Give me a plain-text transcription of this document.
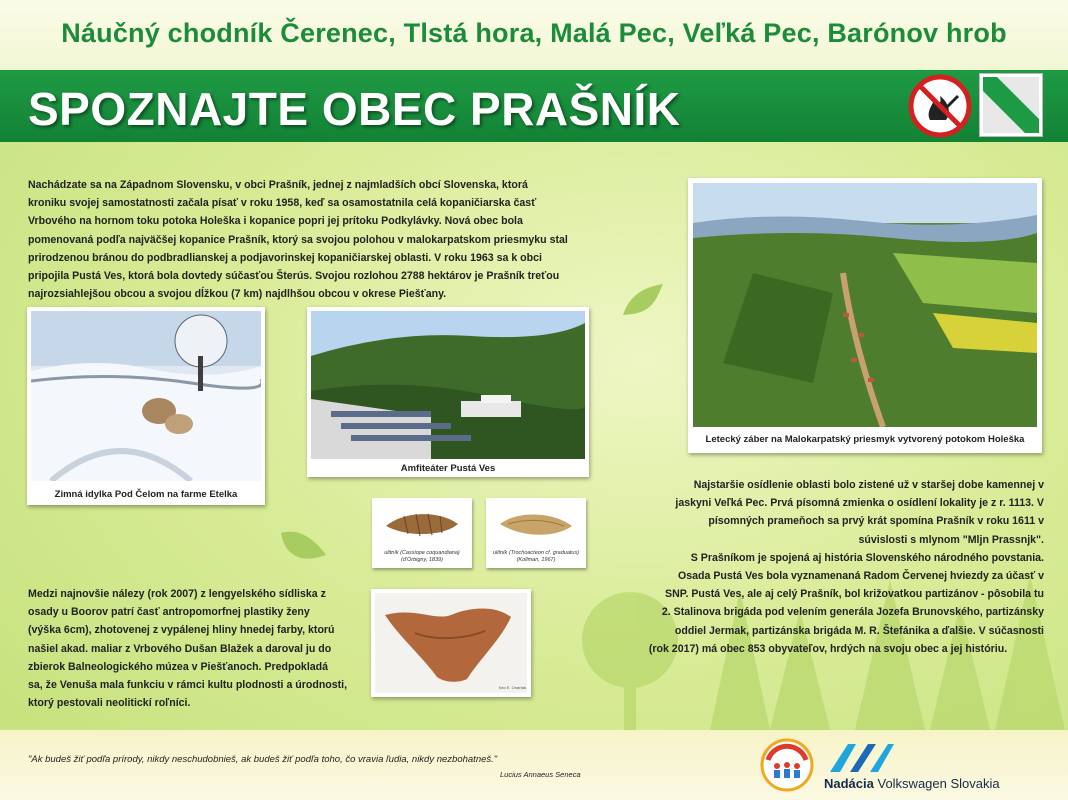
Náučný chodník Čerenec, Tlstá hora, Malá Pec, Veľká Pec, Barónov hrob
SPOZNAJTE OBEC PRAŠNÍK
Nachádzate sa na Západnom Slovensku, v obci Prašník, jednej z najmladších obcí Slovenska, ktorá
kroniku svojej samostatnosti začala písať v roku 1958, keď sa osamostatnila celá kopaničiarska časť
Vrbového na hornom toku potoka Holeška i kopanice popri jej prítoku Podkylávky. Nová obec bola
pomenovaná podľa najväčšej kopanice Prašník, ktorý sa svojou polohou v malokarpatskom priesmyku stal
prirodzenou bránou do podbradlianskej a podjavorinskej kopaničiarskej oblasti. V roku 1963 sa k obci
pripojila Pustá Ves, ktorá bola dovtedy súčasťou Šterús. Svojou rozlohou 2788 hektárov je Prašník treťou
najrozsiahlejšou obcou a svojou dĺžkou (7 km) najdlhšou obcou v okrese Piešťany.
Zimná idylka Pod Čelom na farme Etelka
Amfiteáter Pustá Ves
Letecký záber na Malokarpatský priesmyk vytvorený potokom Holeška
ulitník (Cassiope coquandiana)
(d'Orbigny, 1839)
ulitník (Trochoacteon cf. graduatus)
(Kollman, 1967)
foto E. Ondrisik
Medzi najnovšie nálezy (rok 2007) z lengyelského sídliska z
osady u Boorov patrí časť antropomorfnej plastiky ženy
(výška 6cm), zhotovenej z vypálenej hliny hnedej farby, ktorú
našiel akad. maliar z Vrbového Dušan Blažek a daroval ju do
zbierok Balneologického múzea v Piešťanoch. Predpokladá
sa, že Venuša mala funkciu v rámci kultu plodnosti a úrodnosti,
ktorý pestovali neolitickí roľníci.
Najstaršie osídlenie oblasti bolo zistené už v staršej dobe kamennej v
jaskyni Veľká Pec. Prvá písomná zmienka o osídlení lokality je z r. 1113. V
písomných prameňoch sa prvý krát spomína Prašník v roku 1611 v
súvislosti s mlynom "Mljn Prassnjk".
S Prašníkom je spojená aj história Slovenského národného povstania.
Osada Pustá Ves bola vyznamenaná Radom Červenej hviezdy za účasť v
SNP. Pustá Ves, ale aj celý Prašník, bol križovatkou partizánov - pôsobila tu
2. Stalinova brigáda pod velením generála Jozefa Brunovského, partizánsky
oddiel Jermak, partizánska brigáda M. R. Štefánika a ďalšie. V súčasnosti
(rok 2017) má obec 853 obyvateľov, hrdých na svoju obec a jej históriu.
"Ak budeš žiť podľa prírody, nikdy neschudobnieš, ak budeš žiť podľa toho, čo vravia ľudia, nikdy nezbohatneš."
Lucius Annaeus Seneca
Nadácia Volkswagen Slovakia
